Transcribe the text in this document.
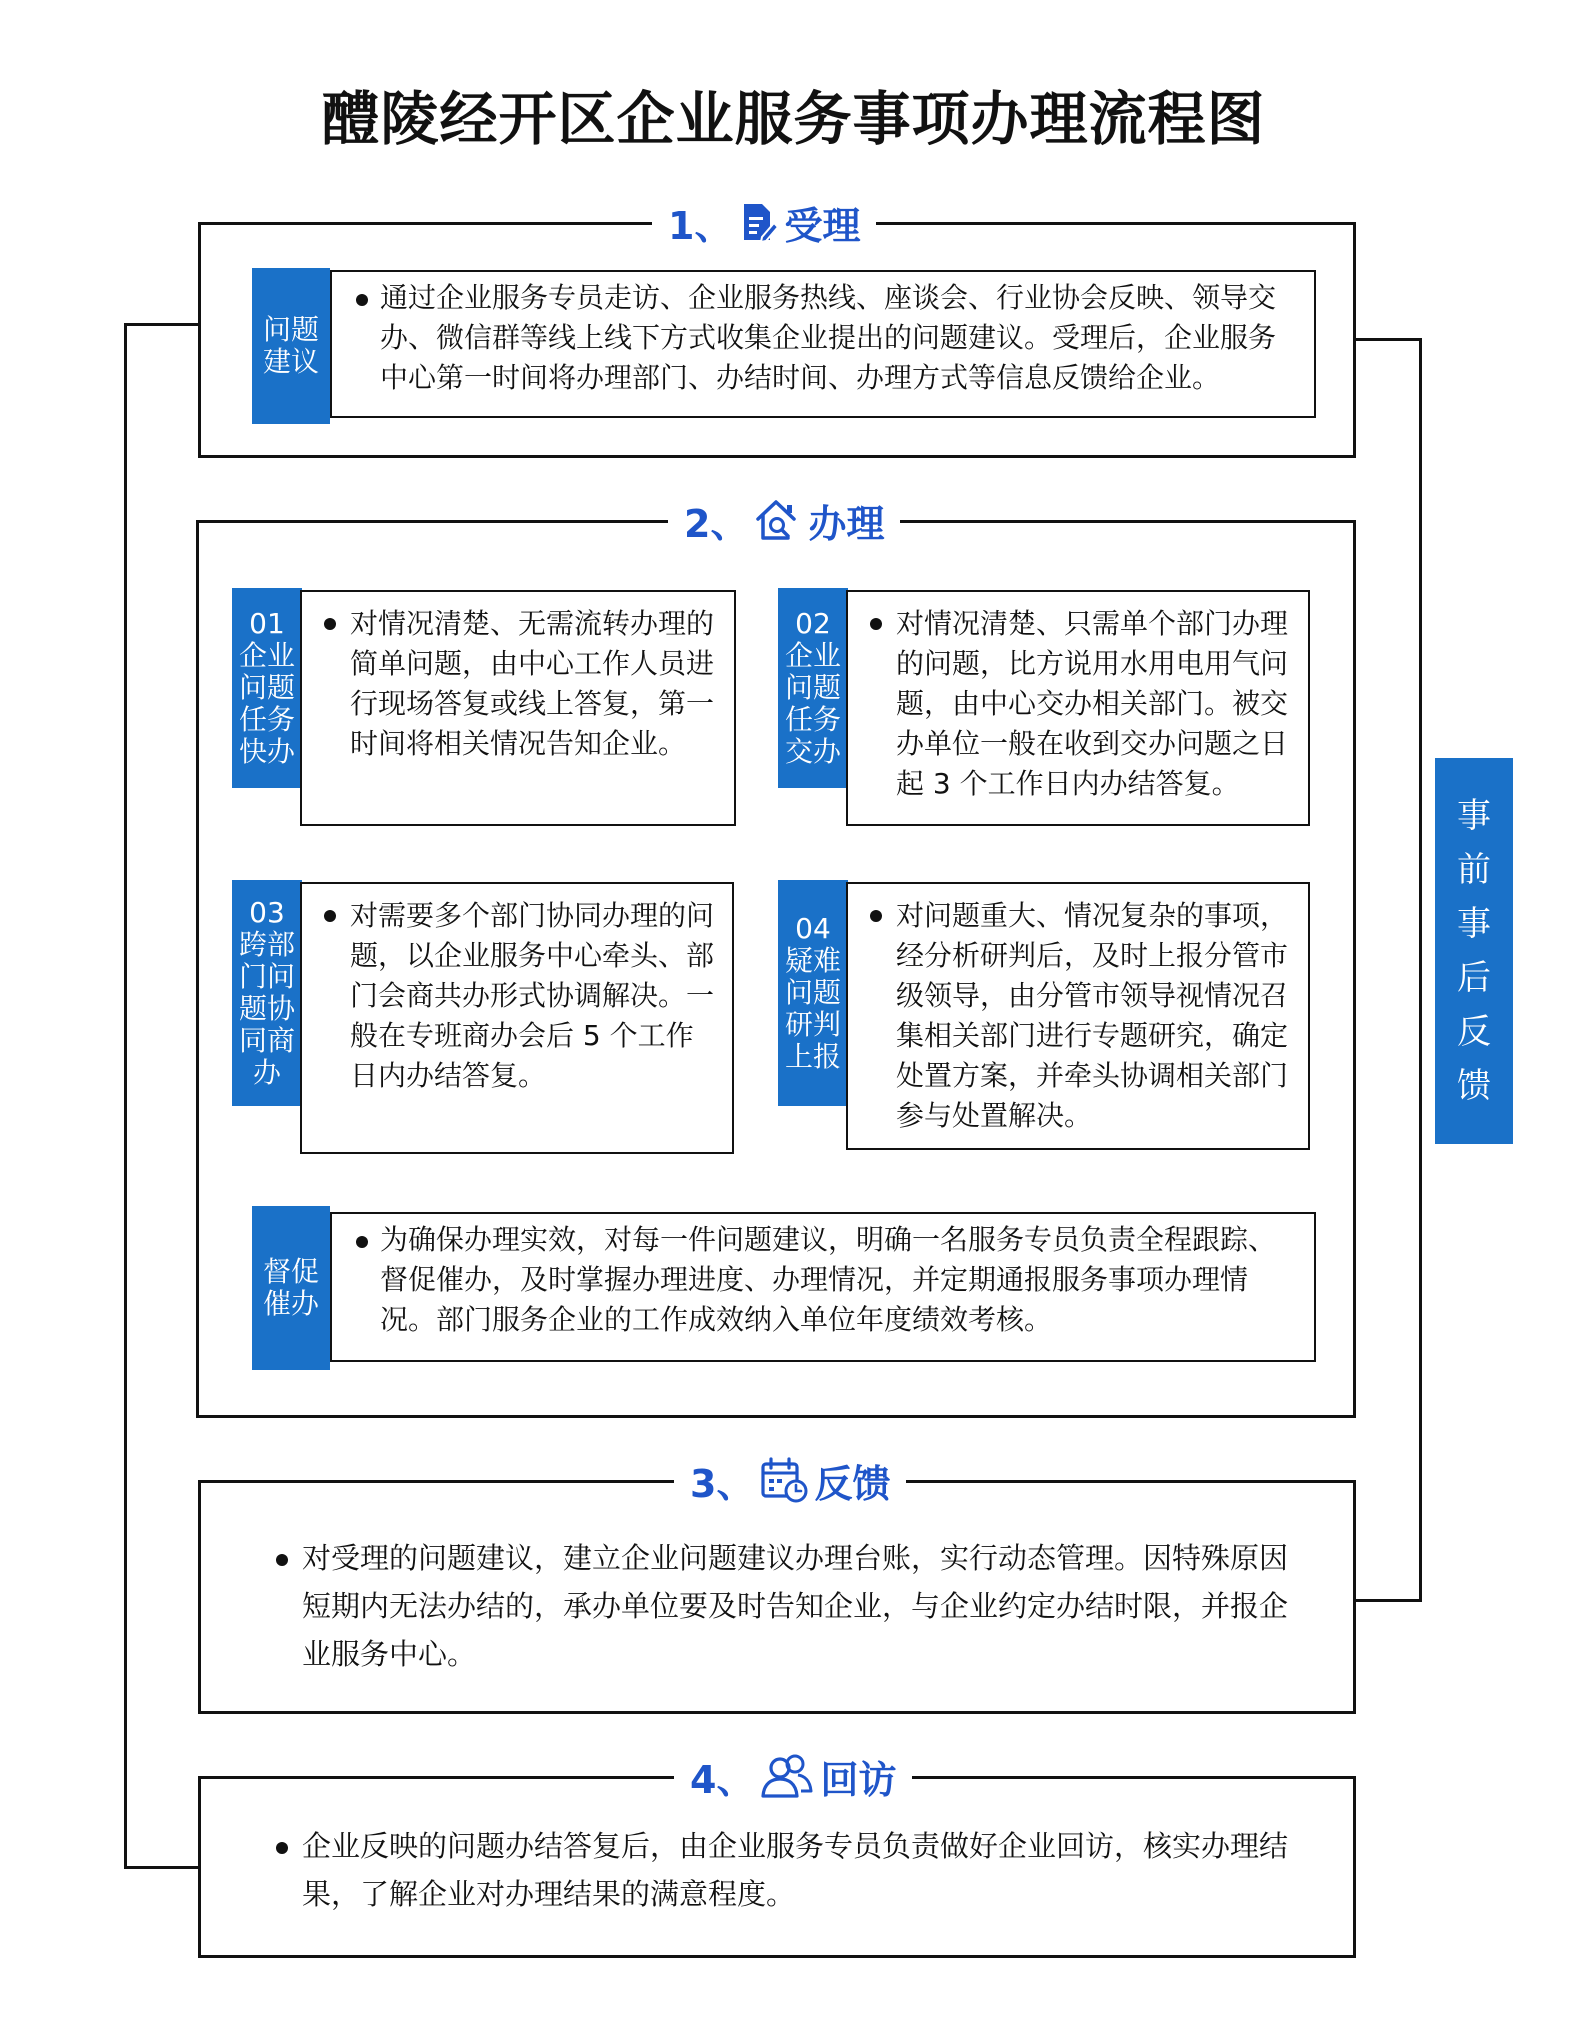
醴陵经开区企业服务事项办理流程图
事
前
事
后
反
馈
1、 受理
问题
建议
通过企业服务专员走访、企业服务热线、座谈会、行业协会反映、领导交办、微信群等线上线下方式收集企业提出的问题建议。受理后，企业服务中心第一时间将办理部门、办结时间、办理方式等信息反馈给企业。
2、 办理
01
企业
问题
任务
快办
对情况清楚、无需流转办理的简单问题，由中心工作人员进行现场答复或线上答复，第一时间将相关情况告知企业。
02
企业
问题
任务
交办
对情况清楚、只需单个部门办理的问题，比方说用水用电用气问题，由中心交办相关部门。被交办单位一般在收到交办问题之日起 3 个工作日内办结答复。
03
跨部
门问
题协
同商
办
对需要多个部门协同办理的问题，以企业服务中心牵头、部门会商共办形式协调解决。一般在专班商办会后 5 个工作日内办结答复。
04
疑难
问题
研判
上报
对问题重大、情况复杂的事项，经分析研判后，及时上报分管市级领导，由分管市领导视情况召集相关部门进行专题研究，确定处置方案，并牵头协调相关部门参与处置解决。
督促
催办
为确保办理实效，对每一件问题建议，明确一名服务专员负责全程跟踪、督促催办，及时掌握办理进度、办理情况，并定期通报服务事项办理情况。部门服务企业的工作成效纳入单位年度绩效考核。
3、 反馈
对受理的问题建议，建立企业问题建议办理台账，实行动态管理。因特殊原因短期内无法办结的，承办单位要及时告知企业，与企业约定办结时限，并报企业服务中心。
4、 回访
企业反映的问题办结答复后，由企业服务专员负责做好企业回访，核实办理结果，了解企业对办理结果的满意程度。
